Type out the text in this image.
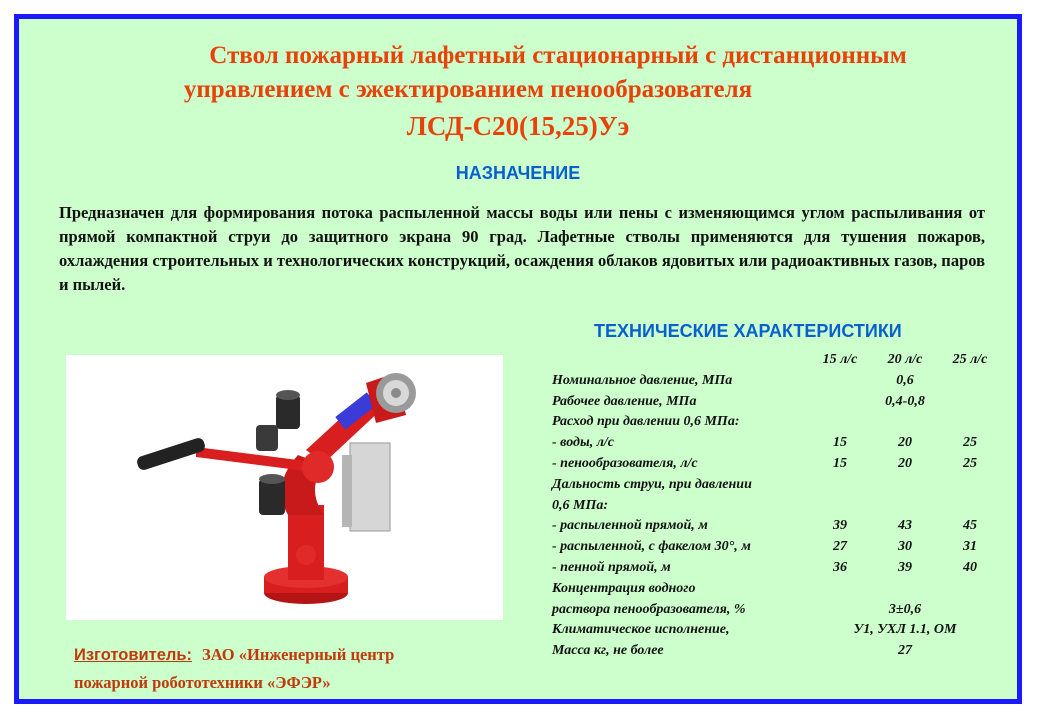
Ствол пожарный лафетный стационарный с дистанционным
управлением с эжектированием пенообразователя
ЛСД-С20(15,25)Уэ
НАЗНАЧЕНИЕ
Предназначен для формирования потока распыленной массы воды или пены с изменяющимся углом распыливания от прямой компактной струи до защитного экрана 90 град. Лафетные стволы применяются для тушения пожаров, охлаждения строительных и технологических конструкций, осаждения облаков ядовитых или радиоактивных газов, паров и пылей.
ТЕХНИЧЕСКИЕ ХАРАКТЕРИСТИКИ
15 л/с	20 л/с	25 л/с
Номинальное давление, МПа	0,6
Рабочее давление, МПа	0,4-0,8
Расход при давлении 0,6 МПа:
- воды, л/с	15	20	25
- пенообразователя, л/с	15	20	25
Дальность струи, при давлении
0,6 МПа:
- распыленной прямой, м	39	43	45
- распыленной, с факелом 30°, м	27	30	31
- пенной прямой, м	36	39	40
Концентрация водного
раствора пенообразователя, %	3±0,6
Климатическое исполнение,	У1, УХЛ 1.1, ОМ
Масса кг, не более	27
Изготовитель: ЗАО «Инженерный центр
пожарной робототехники «ЭФЭР»
